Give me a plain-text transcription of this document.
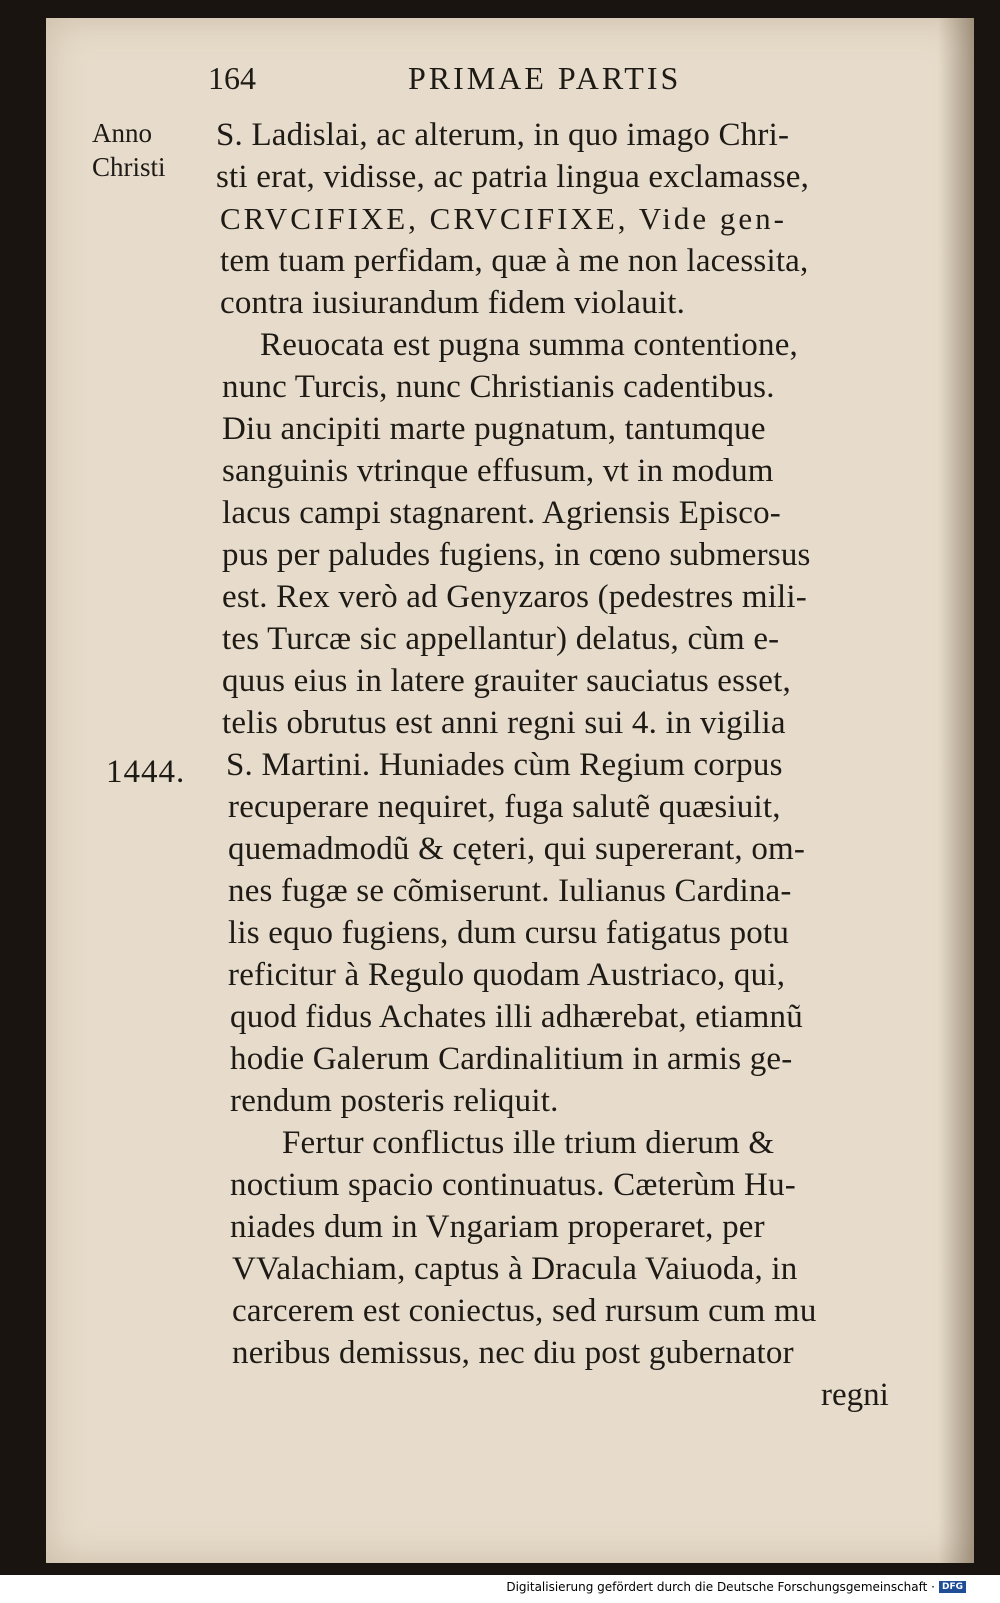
164	PRIMAE PARTIS
Anno
Christi
1444.
S. Ladislai, ac alterum, in quo imago Chri-
sti erat, vidisse, ac patria lingua exclamasse,
CRVCIFIXE, CRVCIFIXE, Vide gen-
tem tuam perfidam, quæ à me non lacessita,
contra iusiurandum fidem violauit.
Reuocata est pugna summa contentione,
nunc Turcis, nunc Christianis cadentibus.
Diu ancipiti marte pugnatum, tantumque
sanguinis vtrinque effusum, vt in modum
lacus campi stagnarent. Agriensis Episco-
pus per paludes fugiens, in cœno submersus
est. Rex verò ad Genyzaros (pedestres mili-
tes Turcæ sic appellantur) delatus, cùm e-
quus eius in latere grauiter sauciatus esset,
telis obrutus est anni regni sui 4. in vigilia
S. Martini. Huniades cùm Regium corpus
recuperare nequiret, fuga salutẽ quæsiuit,
quemadmodũ & cęteri, qui supererant, om-
nes fugæ se cõmiserunt. Iulianus Cardina-
lis equo fugiens, dum cursu fatigatus potu
reficitur à Regulo quodam Austriaco, qui,
quod fidus Achates illi adhærebat, etiamnũ
hodie Galerum Cardinalitium in armis ge-
rendum posteris reliquit.
Fertur conflictus ille trium dierum &
noctium spacio continuatus. Cæterùm Hu-
niades dum in Vngariam properaret, per
VValachiam, captus à Dracula Vaiuoda, in
carcerem est coniectus, sed rursum cum mu
neribus demissus, nec diu post gubernator
regni
Digitalisierung gefördert durch die Deutsche Forschungsgemeinschaft · DFG
